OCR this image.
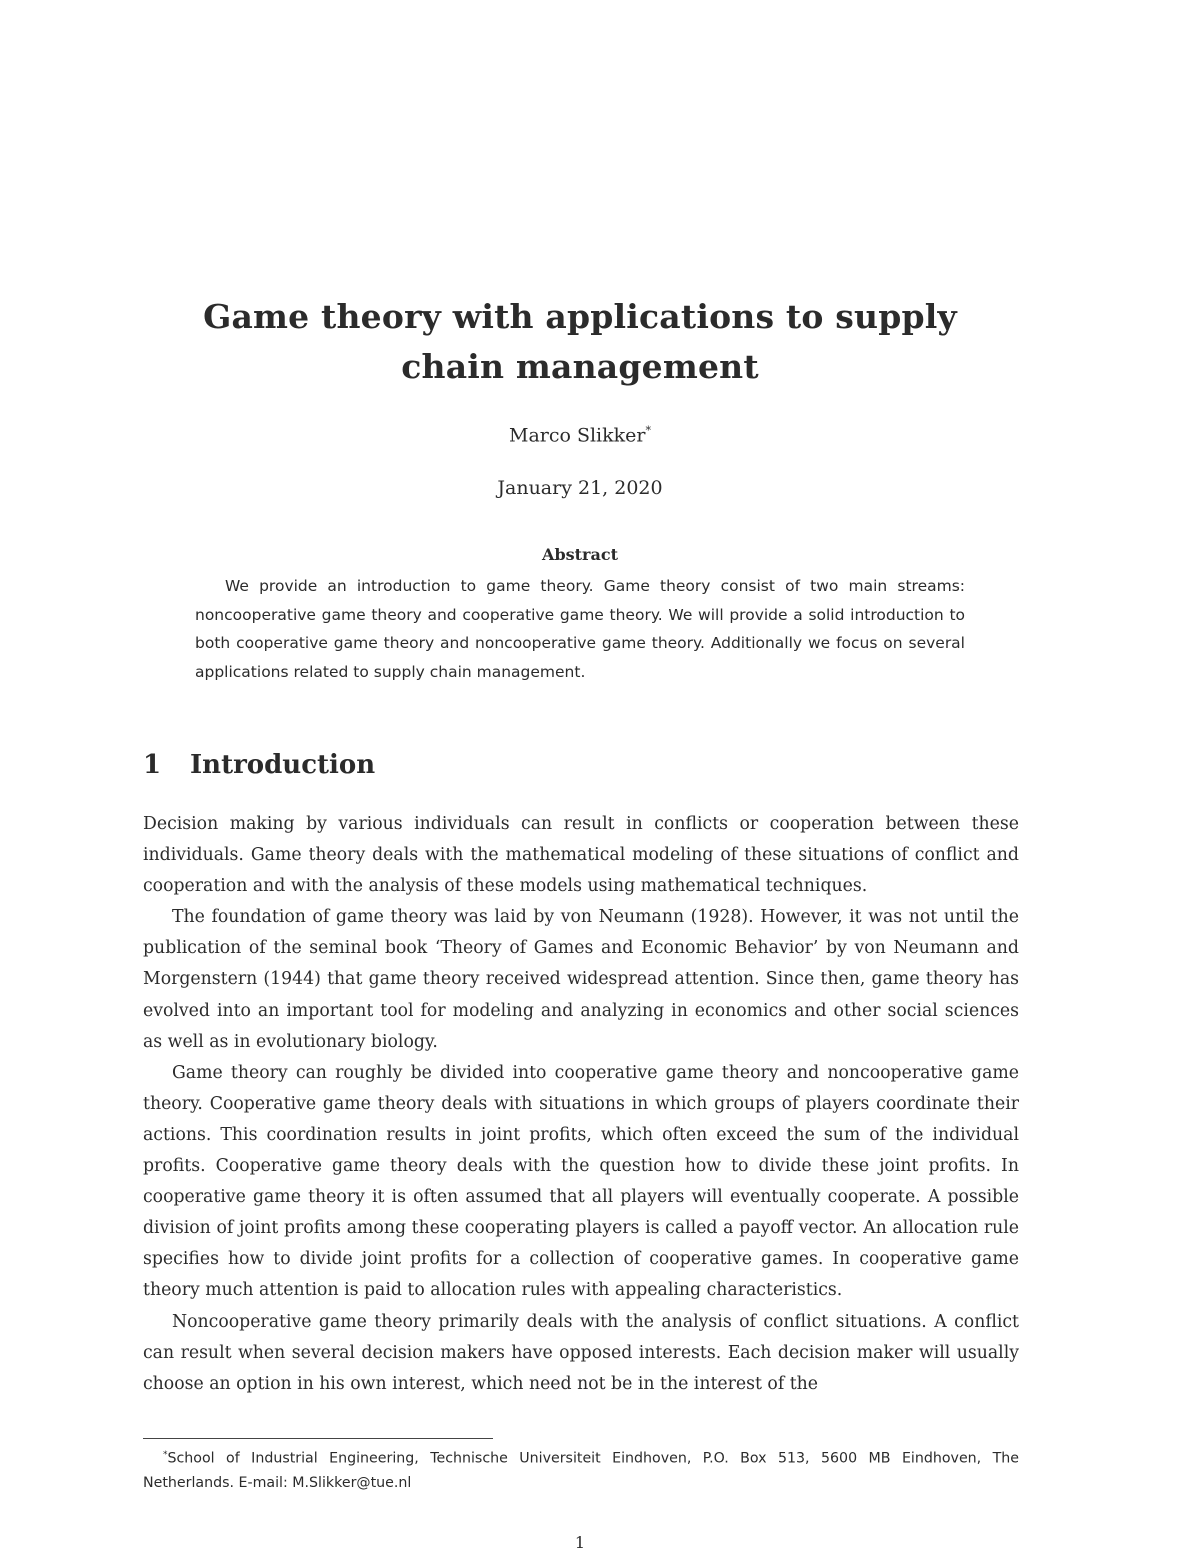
Game theory with applications to supply chain management
Marco Slikker*
January 21, 2020
Abstract
We provide an introduction to game theory. Game theory consist of two main streams: noncooperative game theory and cooperative game theory. We will provide a solid introduction to both cooperative game theory and noncooperative game theory. Additionally we focus on several applications related to supply chain management.
1 Introduction

Decision making by various individuals can result in conflicts or cooperation between these individuals. Game theory deals with the mathematical modeling of these situations of conflict and cooperation and with the analysis of these models using mathematical techniques.

The foundation of game theory was laid by von Neumann (1928). However, it was not until the publication of the seminal book ‘Theory of Games and Economic Behavior’ by von Neumann and Morgenstern (1944) that game theory received widespread attention. Since then, game theory has evolved into an important tool for modeling and analyzing in economics and other social sciences as well as in evolutionary biology.

Game theory can roughly be divided into cooperative game theory and noncooperative game theory. Cooperative game theory deals with situations in which groups of players coordinate their actions. This coordination results in joint profits, which often exceed the sum of the individual profits. Cooperative game theory deals with the question how to divide these joint profits. In cooperative game theory it is often assumed that all players will eventually cooperate. A possible division of joint profits among these cooperating players is called a payoff vector. An allocation rule specifies how to divide joint profits for a collection of cooperative games. In cooperative game theory much attention is paid to allocation rules with appealing characteristics.

Noncooperative game theory primarily deals with the analysis of conflict situations. A conflict can result when several decision makers have opposed interests. Each decision maker will usually choose an option in his own interest, which need not be in the interest of the

*School of Industrial Engineering, Technische Universiteit Eindhoven, P.O. Box 513, 5600 MB Eindhoven, The Netherlands. E-mail: M.Slikker@tue.nl
1
